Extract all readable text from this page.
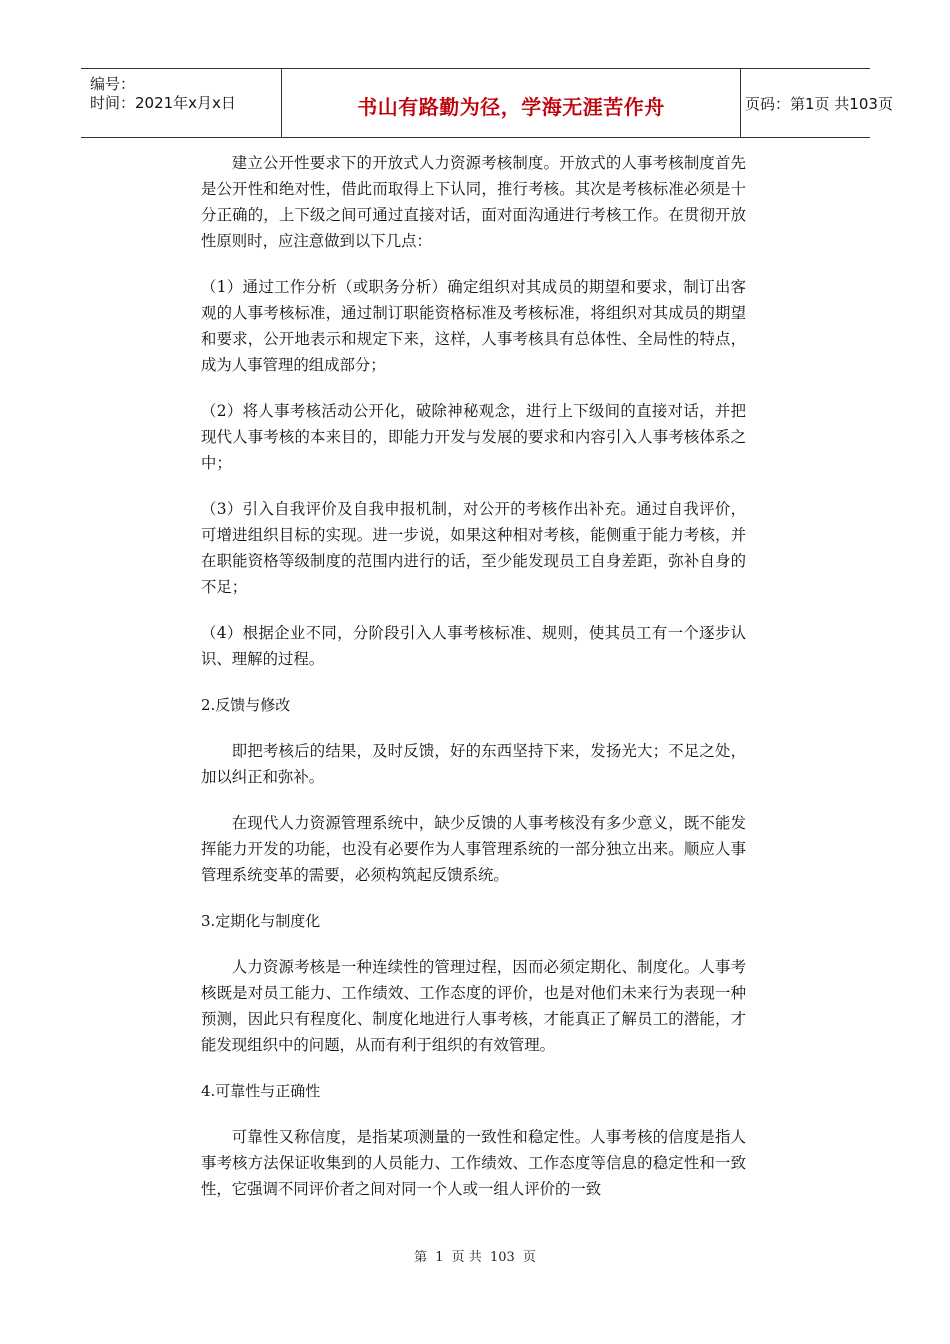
编号：
时间：2021年x月x日	书山有路勤为径，学海无涯苦作舟	页码：第1页 共103页

建立公开性要求下的开放式人力资源考核制度。开放式的人事考核制度首先是公开性和绝对性，借此而取得上下认同，推行考核。其次是考核标准必须是十分正确的，上下级之间可通过直接对话，面对面沟通进行考核工作。在贯彻开放性原则时，应注意做到以下几点：

（1）通过工作分析（或职务分析）确定组织对其成员的期望和要求，制订出客观的人事考核标准，通过制订职能资格标准及考核标准，将组织对其成员的期望和要求，公开地表示和规定下来，这样，人事考核具有总体性、全局性的特点，成为人事管理的组成部分；

（2）将人事考核活动公开化，破除神秘观念，进行上下级间的直接对话，并把现代人事考核的本来目的，即能力开发与发展的要求和内容引入人事考核体系之中；

（3）引入自我评价及自我申报机制，对公开的考核作出补充。通过自我评价，可增进组织目标的实现。进一步说，如果这种相对考核，能侧重于能力考核，并在职能资格等级制度的范围内进行的话，至少能发现员工自身差距，弥补自身的不足；

（4）根据企业不同，分阶段引入人事考核标准、规则，使其员工有一个逐步认识、理解的过程。

2.反馈与修改

即把考核后的结果，及时反馈，好的东西坚持下来，发扬光大；不足之处，加以纠正和弥补。

在现代人力资源管理系统中，缺少反馈的人事考核没有多少意义，既不能发挥能力开发的功能，也没有必要作为人事管理系统的一部分独立出来。顺应人事管理系统变革的需要，必须构筑起反馈系统。

3.定期化与制度化

人力资源考核是一种连续性的管理过程，因而必须定期化、制度化。人事考核既是对员工能力、工作绩效、工作态度的评价，也是对他们未来行为表现一种预测，因此只有程度化、制度化地进行人事考核，才能真正了解员工的潜能，才能发现组织中的问题，从而有利于组织的有效管理。

4.可靠性与正确性

可靠性又称信度，是指某项测量的一致性和稳定性。人事考核的信度是指人事考核方法保证收集到的人员能力、工作绩效、工作态度等信息的稳定性和一致性，它强调不同评价者之间对同一个人或一组人评价的一致

第 1 页 共 103 页
